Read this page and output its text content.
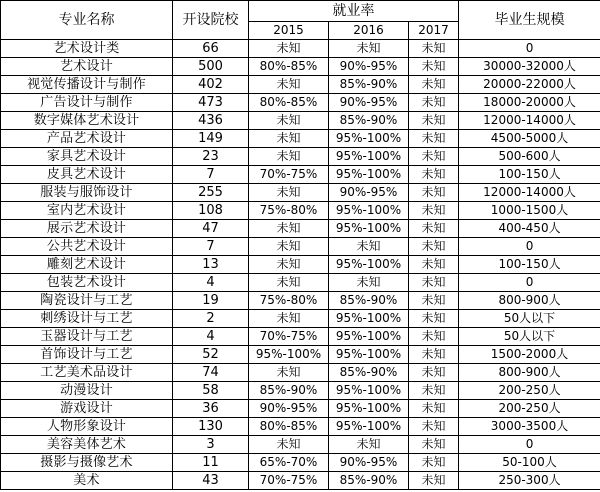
专业名称	开设院校	就业率			毕业生规模
		2015	2016	2017	
艺术设计类	66	未知	未知	未知	0
艺术设计	500	80%-85%	90%-95%	未知	30000-32000人
视觉传播设计与制作	402	未知	85%-90%	未知	20000-22000人
广告设计与制作	473	80%-85%	90%-95%	未知	18000-20000人
数字媒体艺术设计	436	未知	85%-90%	未知	12000-14000人
产品艺术设计	149	未知	95%-100%	未知	4500-5000人
家具艺术设计	23	未知	95%-100%	未知	500-600人
皮具艺术设计	7	70%-75%	95%-100%	未知	100-150人
服装与服饰设计	255	未知	90%-95%	未知	12000-14000人
室内艺术设计	108	75%-80%	95%-100%	未知	1000-1500人
展示艺术设计	47	未知	95%-100%	未知	400-450人
公共艺术设计	7	未知	未知	未知	0
雕刻艺术设计	13	未知	95%-100%	未知	100-150人
包装艺术设计	4	未知	未知	未知	0
陶瓷设计与工艺	19	75%-80%	85%-90%	未知	800-900人
刺绣设计与工艺	2	未知	95%-100%	未知	50人以下
玉器设计与工艺	4	70%-75%	95%-100%	未知	50人以下
首饰设计与工艺	52	95%-100%	95%-100%	未知	1500-2000人
工艺美术品设计	74	未知	85%-90%	未知	800-900人
动漫设计	58	85%-90%	95%-100%	未知	200-250人
游戏设计	36	90%-95%	95%-100%	未知	200-250人
人物形象设计	130	80%-85%	95%-100%	未知	3000-3500人
美容美体艺术	3	未知	未知	未知	0
摄影与摄像艺术	11	65%-70%	90%-95%	未知	50-100人
美术	43	70%-75%	85%-90%	未知	250-300人
